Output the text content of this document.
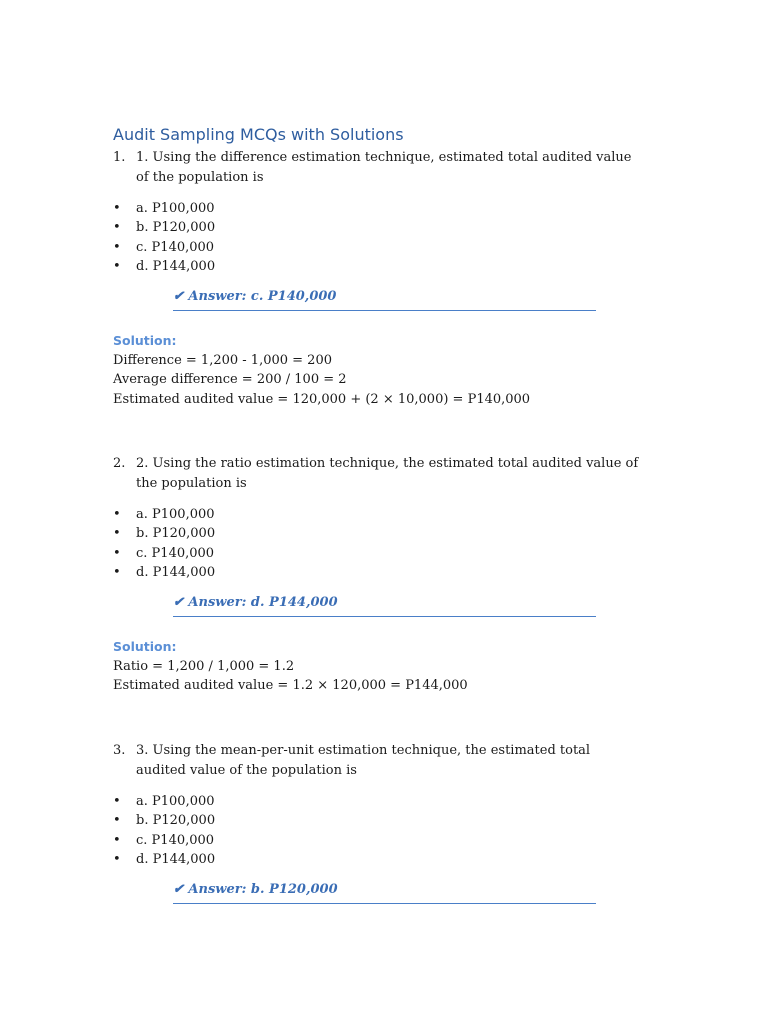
Audit Sampling MCQs with Solutions

1. 1. Using the difference estimation technique, estimated total audited value of the population is

• a. P100,000
• b. P120,000
• c. P140,000
• d. P144,000
✔ Answer: c. P140,000
Solution:
Difference = 1,200 - 1,000 = 200
Average difference = 200 / 100 = 2
Estimated audited value = 120,000 + (2 × 10,000) = P140,000

2. 2. Using the ratio estimation technique, the estimated total audited value of the population is

• a. P100,000
• b. P120,000
• c. P140,000
• d. P144,000
✔ Answer: d. P144,000
Solution:
Ratio = 1,200 / 1,000 = 1.2
Estimated audited value = 1.2 × 120,000 = P144,000

3. 3. Using the mean-per-unit estimation technique, the estimated total audited value of the population is

• a. P100,000
• b. P120,000
• c. P140,000
• d. P144,000
✔ Answer: b. P120,000
